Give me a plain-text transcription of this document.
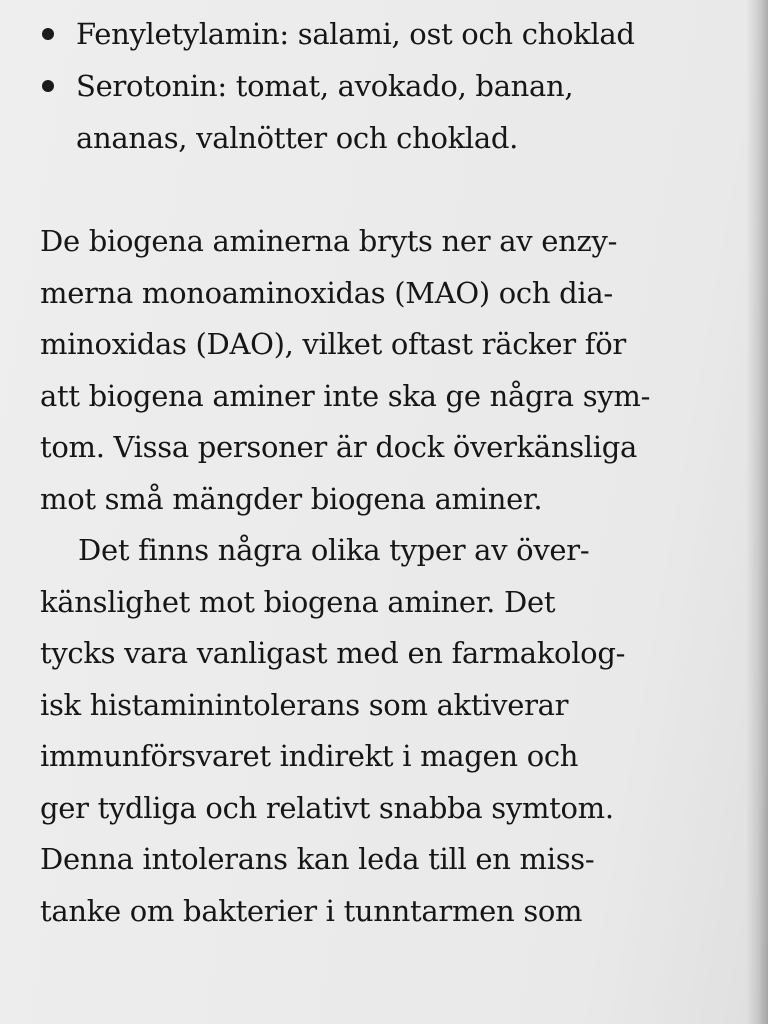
Fenyletylamin: salami, ost och choklad
Serotonin: tomat, avokado, banan,
ananas, valnötter och choklad.

De biogena aminerna bryts ner av enzy-
merna monoaminoxidas (MAO) och dia-
minoxidas (DAO), vilket oftast räcker för
att biogena aminer inte ska ge några sym-
tom. Vissa personer är dock överkänsliga
mot små mängder biogena aminer.

Det finns några olika typer av över-
känslighet mot biogena aminer. Det
tycks vara vanligast med en farmakolog-
isk histaminintolerans som aktiverar
immunförsvaret indirekt i magen och
ger tydliga och relativt snabba symtom.
Denna intolerans kan leda till en miss-
tanke om bakterier i tunntarmen som
